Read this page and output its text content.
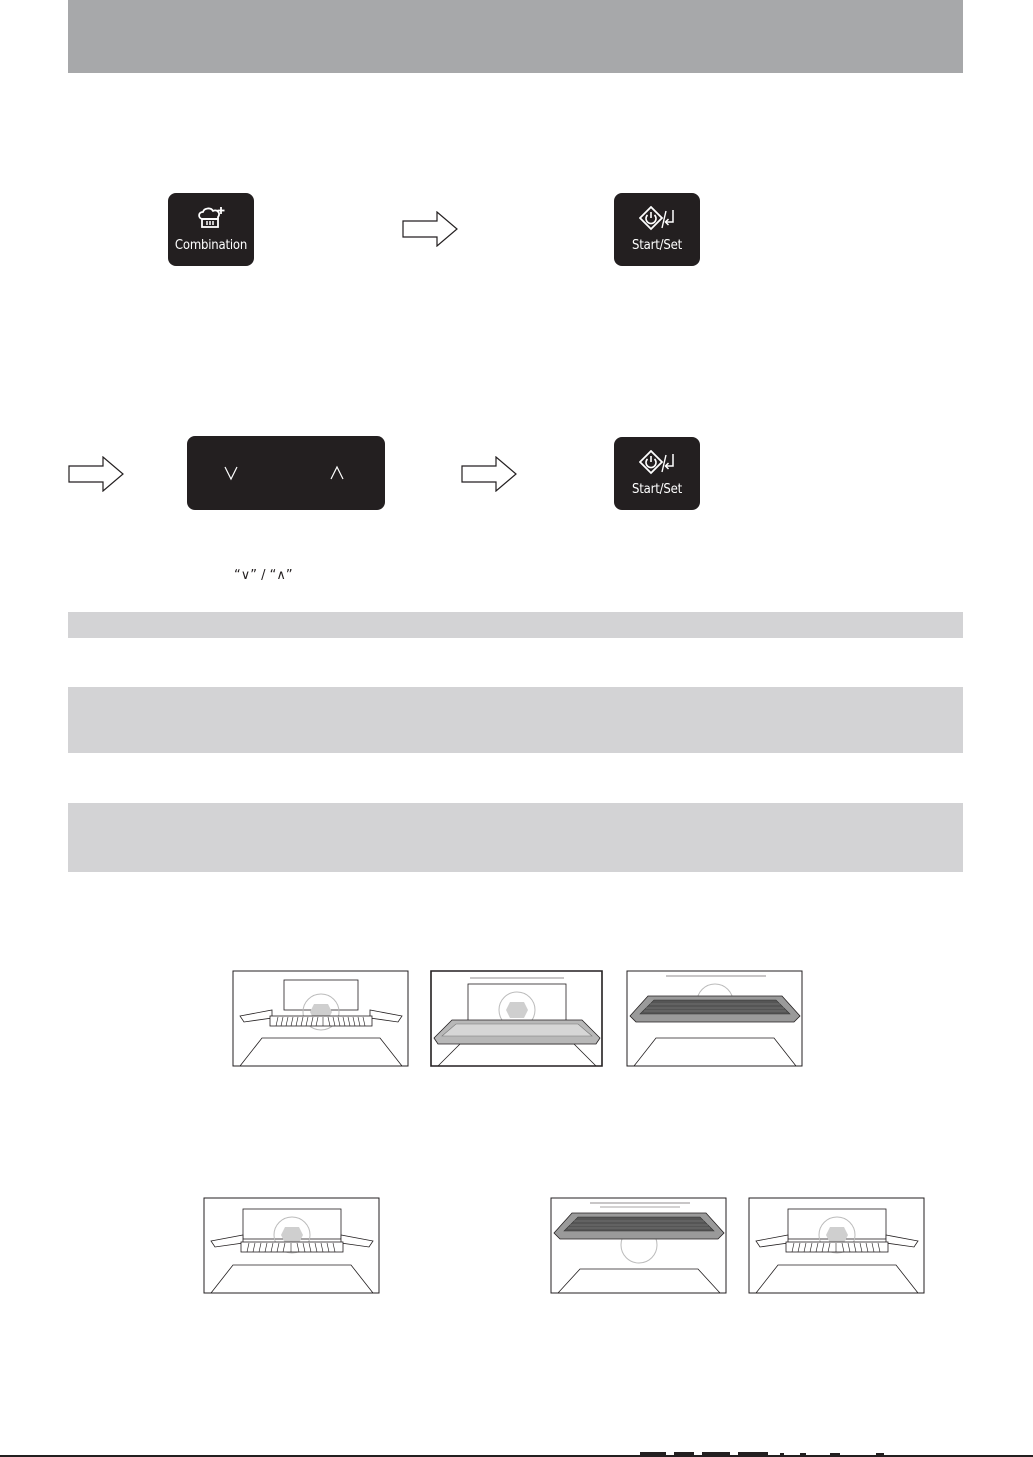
Combination	Start/Set
Start/Set
“∨” / “∧”
